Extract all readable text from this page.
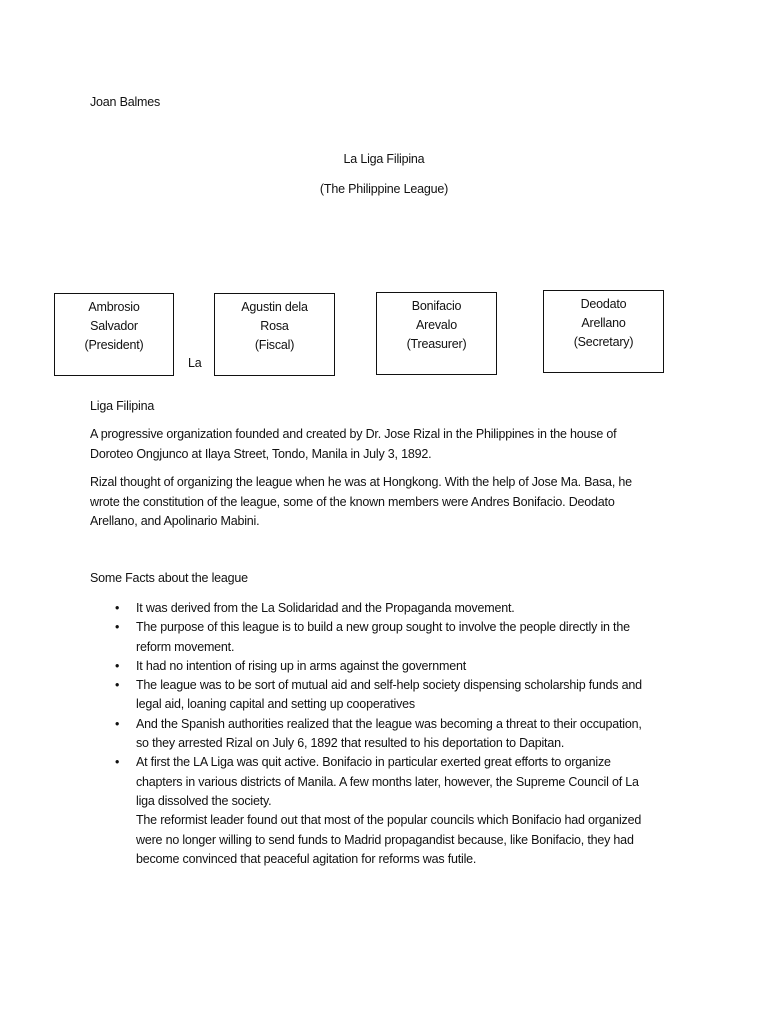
Joan Balmes
La Liga Filipina
(The Philippine League)
Ambrosio
Salvador
(President)
Agustin dela
Rosa
(Fiscal)
Bonifacio
Arevalo
(Treasurer)
Deodato
Arellano
(Secretary)
La

Liga Filipina

A progressive organization founded and created by Dr. Jose Rizal in the Philippines in the house of
Doroteo Ongjunco at Ilaya Street, Tondo, Manila in July 3, 1892.

Rizal thought of organizing the league when he was at Hongkong. With the help of Jose Ma. Basa, he
wrote the constitution of the league, some of the known members were Andres Bonifacio. Deodato
Arellano, and Apolinario Mabini.

Some Facts about the league

• It was derived from the La Solidaridad and the Propaganda movement.
• The purpose of this league is to build a new group sought to involve the people directly in the
reform movement.
• It had no intention of rising up in arms against the government
• The league was to be sort of mutual aid and self-help society dispensing scholarship funds and
legal aid, loaning capital and setting up cooperatives
• And the Spanish authorities realized that the league was becoming a threat to their occupation,
so they arrested Rizal on July 6, 1892 that resulted to his deportation to Dapitan.
• At first the LA Liga was quit active. Bonifacio in particular exerted great efforts to organize
chapters in various districts of Manila. A few months later, however, the Supreme Council of La
liga dissolved the society.
The reformist leader found out that most of the popular councils which Bonifacio had organized
were no longer willing to send funds to Madrid propagandist because, like Bonifacio, they had
become convinced that peaceful agitation for reforms was futile.
